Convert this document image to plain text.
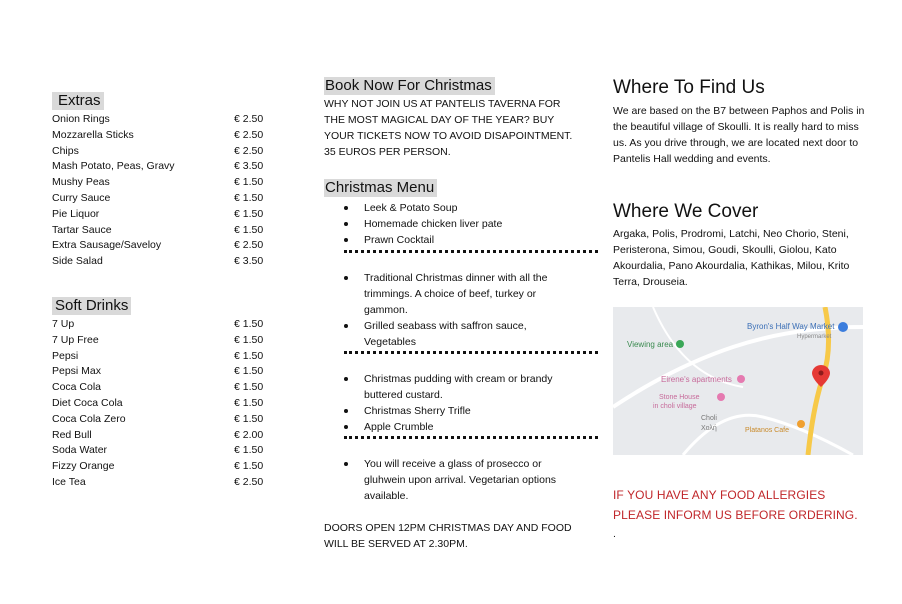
Extras
Onion Rings	€ 2.50
Mozzarella Sticks	€ 2.50
Chips	€ 2.50
Mash Potato, Peas, Gravy	€ 3.50
Mushy Peas	€ 1.50
Curry Sauce	€ 1.50
Pie Liquor	€ 1.50
Tartar Sauce	€ 1.50
Extra Sausage/Saveloy	€ 2.50
Side Salad	€ 3.50
Soft Drinks
7 Up	€ 1.50
7 Up Free	€ 1.50
Pepsi	€ 1.50
Pepsi Max	€ 1.50
Coca Cola	€ 1.50
Diet Coca Cola	€ 1.50
Coca Cola Zero	€ 1.50
Red Bull	€ 2.00
Soda Water	€ 1.50
Fizzy Orange	€ 1.50
Ice Tea	€ 2.50
Book Now For Christmas

WHY NOT JOIN US AT PANTELIS TAVERNA FOR THE MOST MAGICAL DAY OF THE YEAR? BUY YOUR TICKETS NOW TO AVOID DISAPOINTMENT. 35 EUROS PER PERSON.

Christmas Menu
Leek & Potato Soup
Homemade chicken liver pate
Prawn Cocktail
Traditional Christmas dinner with all the trimmings. A choice of beef, turkey or gammon.
Grilled seabass with saffron sauce, Vegetables
Christmas pudding with cream or brandy buttered custard.
Christmas Sherry Trifle
Apple Crumble
You will receive a glass of prosecco or gluhwein upon arrival. Vegetarian options available.

DOORS OPEN 12PM CHRISTMAS DAY AND FOOD WILL BE SERVED AT 2.30PM.

Where To Find Us

We are based on the B7 between Paphos and Polis in the beautiful village of Skoulli. It is really hard to miss us. As you drive through, we are located next door to Pantelis Hall wedding and events.

Where We Cover

Argaka, Polis, Prodromi, Latchi, Neo Chorio, Steni, Peristerona, Simou, Goudi, Skoulli, Giolou, Kato Akourdalia, Pano Akourdalia, Kathikas, Milou, Krito Terra, Drouseia.

Byron's Half Way Market
Hypermarket
Viewing area
Eirene's apartments
Stone House
in choli village
Choli
Χολή	Platanos Cafe

IF YOU HAVE ANY FOOD ALLERGIES

PLEASE INFORM US BEFORE ORDERING.

.
